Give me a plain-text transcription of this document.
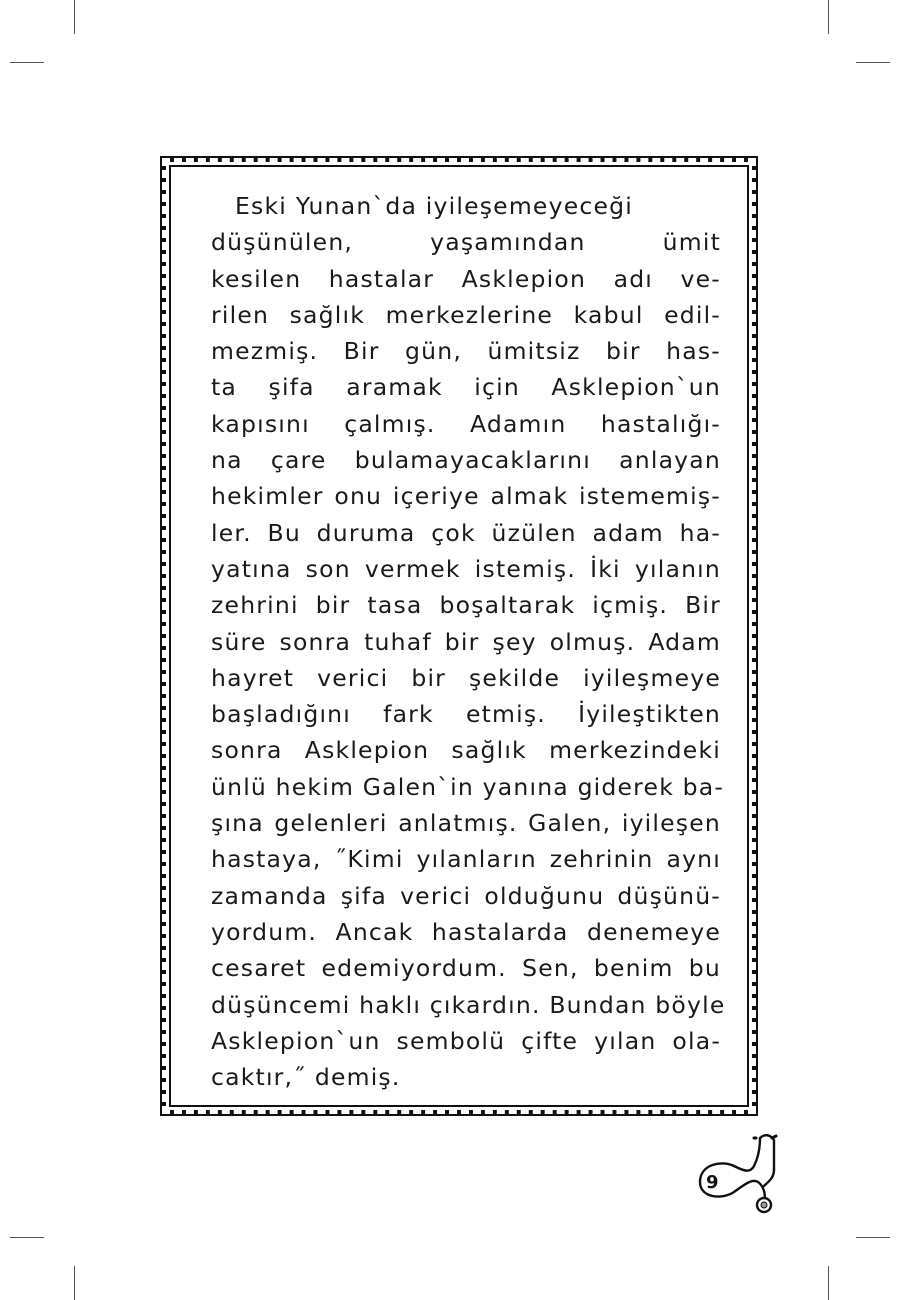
Eski Yunan`da iyileşemeyeceği
düşünülen, yaşamından ümit
kesilen hastalar Asklepion adı ve-
rilen sağlık merkezlerine kabul edil-
mezmiş. Bir gün, ümitsiz bir has-
ta şifa aramak için Asklepion`un
kapısını çalmış. Adamın hastalığı-
na çare bulamayacaklarını anlayan
hekimler onu içeriye almak istememiş-
ler. Bu duruma çok üzülen adam ha-
yatına son vermek istemiş. İki yılanın
zehrini bir tasa boşaltarak içmiş. Bir
süre sonra tuhaf bir şey olmuş. Adam
hayret verici bir şekilde iyileşmeye
başladığını fark etmiş. İyileştikten
sonra Asklepion sağlık merkezindeki
ünlü hekim Galen`in yanına giderek ba-
şına gelenleri anlatmış. Galen, iyileşen
hastaya, ˝Kimi yılanların zehrinin aynı
zamanda şifa verici olduğunu düşünü-
yordum. Ancak hastalarda denemeye
cesaret edemiyordum. Sen, benim bu
düşüncemi haklı çıkardın. Bundan böyle
Asklepion`un sembolü çifte yılan ola-
caktır,˝ demiş.
9
